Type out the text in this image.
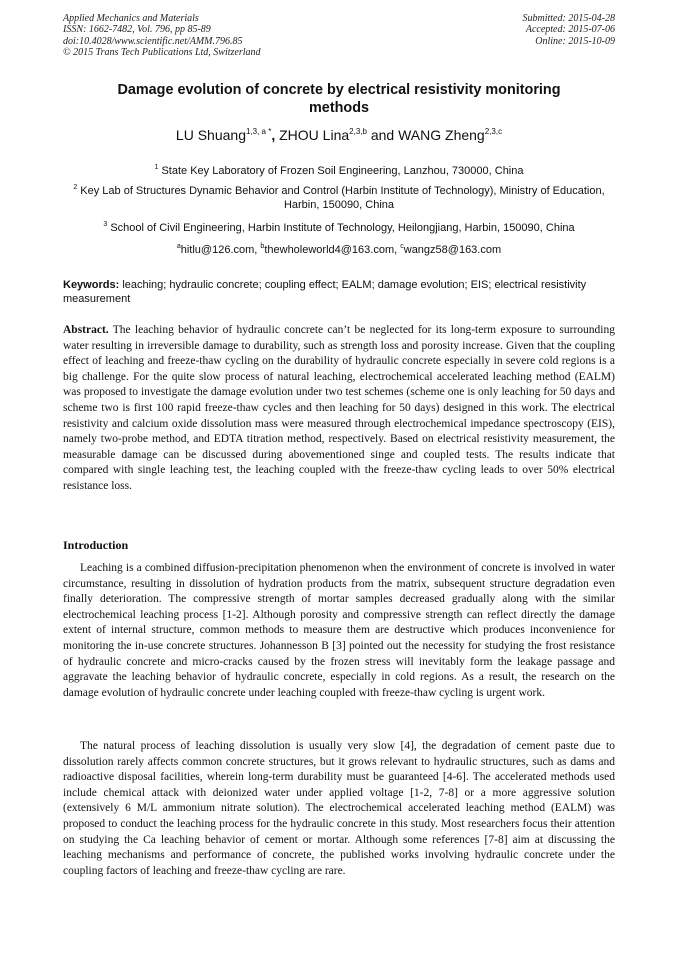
Applied Mechanics and Materials
ISSN: 1662-7482, Vol. 796, pp 85-89
doi:10.4028/www.scientific.net/AMM.796.85
© 2015 Trans Tech Publications Ltd, Switzerland
Submitted: 2015-04-28
Accepted: 2015-07-06
Online: 2015-10-09
Damage evolution of concrete by electrical resistivity monitoring methods
LU Shuang$^{1,3, a *}$, ZHOU Lina$^{2,3,b}$ and WANG Zheng$^{2,3,c}$

$^1$ State Key Laboratory of Frozen Soil Engineering, Lanzhou, 730000, China

$^2$ Key Lab of Structures Dynamic Behavior and Control (Harbin Institute of Technology), Ministry of Education, Harbin, 150090, China

$^3$ School of Civil Engineering, Harbin Institute of Technology, Heilongjiang, Harbin, 150090, China

$^a$hitlu@126.com, $^b$thewholeworld4@163.com, $^c$wangz58@163.com

Keywords: leaching; hydraulic concrete; coupling effect; EALM; damage evolution; EIS; electrical resistivity measurement

Abstract. The leaching behavior of hydraulic concrete can’t be neglected for its long-term exposure to surrounding water resulting in irreversible damage to durability, such as strength loss and porosity increase. Given that the coupling effect of leaching and freeze-thaw cycling on the durability of hydraulic concrete especially in severe cold regions is a big challenge. For the quite slow process of natural leaching, electrochemical accelerated leaching method (EALM) was proposed to investigate the damage evolution under two test schemes (scheme one is only leaching for 50 days and scheme two is first 100 rapid freeze-thaw cycles and then leaching for 50 days) designed in this work. The electrical resistivity and calcium oxide dissolution mass were measured through electrochemical impedance spectroscopy (EIS), namely two-probe method, and EDTA titration method, respectively. Based on electrical resistivity measurement, the measurable damage can be discussed during abovementioned singe and coupled tests. The results indicate that compared with single leaching test, the leaching coupled with the freeze-thaw cycling leads to over 50% electrical resistance loss.

Introduction

Leaching is a combined diffusion-precipitation phenomenon when the environment of concrete is involved in water circumstance, resulting in dissolution of hydration products from the matrix, subsequent structure degradation even finally deterioration. The compressive strength of mortar samples decreased gradually along with the similar electrochemical leaching process [1-2]. Although porosity and compressive strength can reflect directly the damage extent of internal structure, common methods to measure them are destructive which produces inconvenience for monitoring the in-use concrete structures. Johannesson B [3] pointed out the necessity for studying the frost resistance of hydraulic concrete and micro-cracks caused by the frozen stress will inevitably form the leakage passage and aggravate the leaching behavior of hydraulic concrete, especially in cold regions. As a result, the research on the damage evolution of hydraulic concrete under leaching coupled with freeze-thaw cycling is urgent work.

The natural process of leaching dissolution is usually very slow [4], the degradation of cement paste due to dissolution rarely affects common concrete structures, but it grows relevant to hydraulic structures, such as dams and radioactive disposal facilities, wherein long-term durability must be guaranteed [4-6]. The accelerated methods used include chemical attack with deionized water under applied voltage [1-2, 7-8] or a more aggressive solution (extensively 6 M/L ammonium nitrate solution). The electrochemical accelerated leaching method (EALM) was proposed to conduct the leaching process for the hydraulic concrete in this study. Most researchers focus their attention on studying the Ca leaching behavior of cement or mortar. Although some references [7-8] aim at discussing the leaching mechanisms and performance of concrete, the published works involving hydraulic concrete under the coupling factors of leaching and freeze-thaw cycling are rare.
